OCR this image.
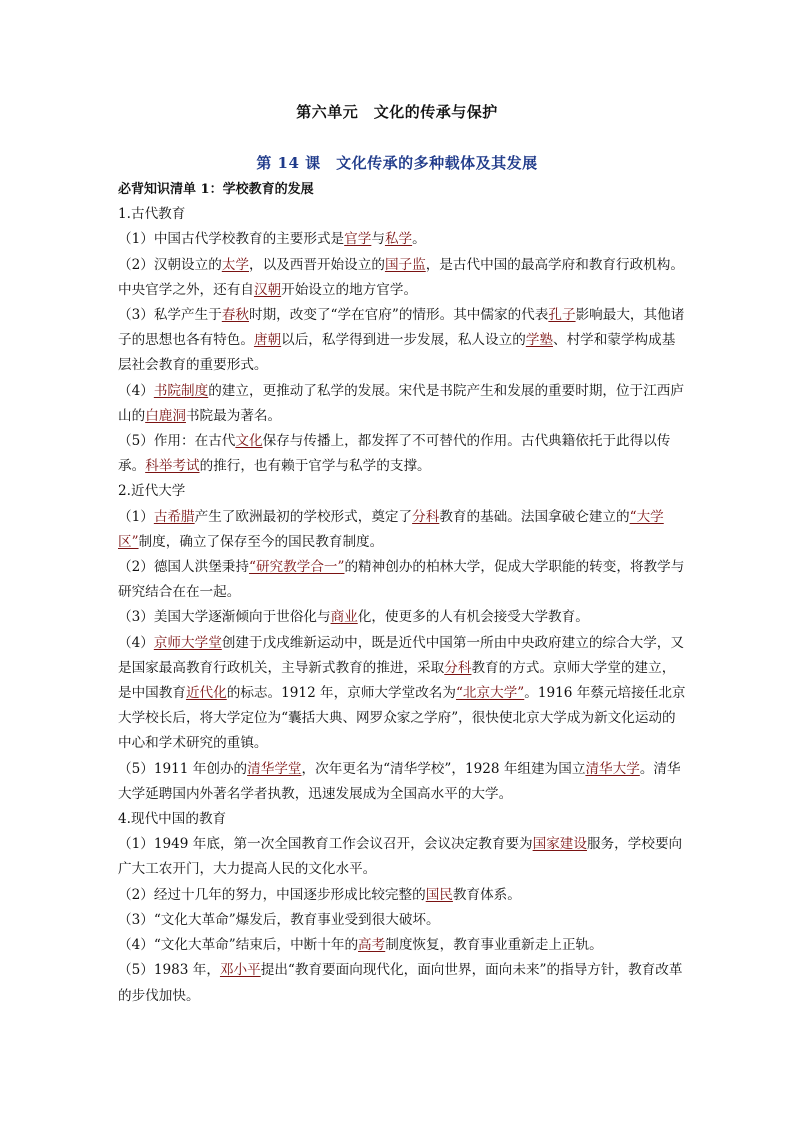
第六单元　文化的传承与保护
第 14 课　文化传承的多种载体及其发展

必背知识清单 1：学校教育的发展

1.古代教育

（1）中国古代学校教育的主要形式是官学与私学。

（2）汉朝设立的太学，以及西晋开始设立的国子监，是古代中国的最高学府和教育行政机构。中央官学之外，还有自汉朝开始设立的地方官学。

（3）私学产生于春秋时期，改变了“学在官府”的情形。其中儒家的代表孔子影响最大，其他诸子的思想也各有特色。唐朝以后，私学得到进一步发展，私人设立的学塾、村学和蒙学构成基层社会教育的重要形式。

（4）书院制度的建立，更推动了私学的发展。宋代是书院产生和发展的重要时期，位于江西庐山的白鹿洞书院最为著名。

（5）作用：在古代文化保存与传播上，都发挥了不可替代的作用。古代典籍依托于此得以传承。科举考试的推行，也有赖于官学与私学的支撑。

2.近代大学

（1）古希腊产生了欧洲最初的学校形式，奠定了分科教育的基础。法国拿破仑建立的“大学区”制度，确立了保存至今的国民教育制度。

（2）德国人洪堡秉持“研究教学合一”的精神创办的柏林大学，促成大学职能的转变，将教学与研究结合在在一起。

（3）美国大学逐渐倾向于世俗化与商业化，使更多的人有机会接受大学教育。

（4）京师大学堂创建于戊戌维新运动中，既是近代中国第一所由中央政府建立的综合大学，又是国家最高教育行政机关，主导新式教育的推进，采取分科教育的方式。京师大学堂的建立，是中国教育近代化的标志。1912 年，京师大学堂改名为“北京大学”。1916 年蔡元培接任北京大学校长后，将大学定位为“囊括大典、网罗众家之学府”，很快使北京大学成为新文化运动的中心和学术研究的重镇。

（5）1911 年创办的清华学堂，次年更名为“清华学校”，1928 年组建为国立清华大学。清华大学延聘国内外著名学者执教，迅速发展成为全国高水平的大学。

4.现代中国的教育

（1）1949 年底，第一次全国教育工作会议召开，会议决定教育要为国家建设服务，学校要向广大工农开门，大力提高人民的文化水平。

（2）经过十几年的努力，中国逐步形成比较完整的国民教育体系。

（3）“文化大革命”爆发后，教育事业受到很大破坏。

（4）“文化大革命”结束后，中断十年的高考制度恢复，教育事业重新走上正轨。

（5）1983 年，邓小平提出“教育要面向现代化，面向世界，面向未来”的指导方针，教育改革的步伐加快。
